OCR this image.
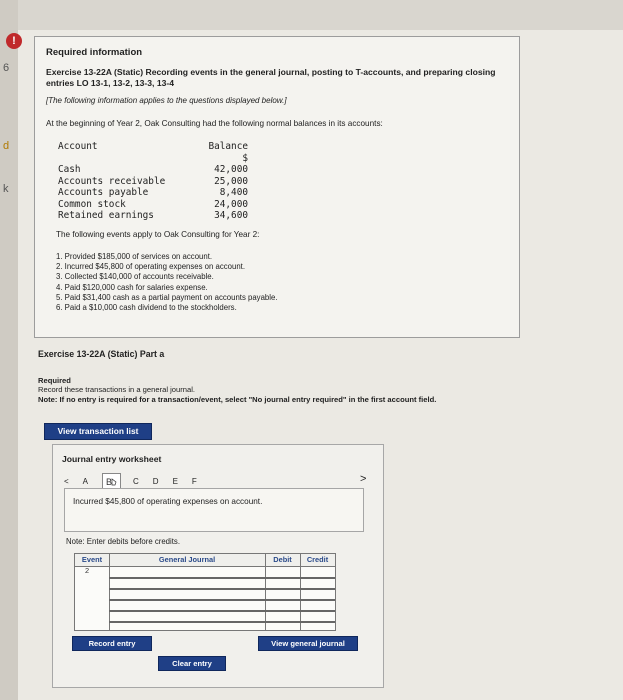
6
d
k
!
Required information
Exercise 13-22A (Static) Recording events in the general journal, posting to T-accounts, and preparing closing entries LO 13-1, 13-2, 13-3, 13-4
[The following information applies to the questions displayed below.]
At the beginning of Year 2, Oak Consulting had the following normal balances in its accounts:
Account	Balance
$
Cash	42,000
Accounts receivable	25,000
Accounts payable	8,400
Common stock	24,000
Retained earnings	34,600
The following events apply to Oak Consulting for Year 2:
1. Provided $185,000 of services on account.
2. Incurred $45,800 of operating expenses on account.
3. Collected $140,000 of accounts receivable.
4. Paid $120,000 cash for salaries expense.
5. Paid $31,400 cash as a partial payment on accounts payable.
6. Paid a $10,000 cash dividend to the stockholders.
Exercise 13-22A (Static) Part a
Required
Record these transactions in a general journal.
Note: If no entry is required for a transaction/event, select "No journal entry required" in the first account field.
View transaction list
Journal entry worksheet
< A B	C D E F	>
Incurred $45,800 of operating expenses on account.
Note: Enter debits before credits.
Event	General Journal	Debit	Credit
2
Record entry	View general journal
Clear entry
